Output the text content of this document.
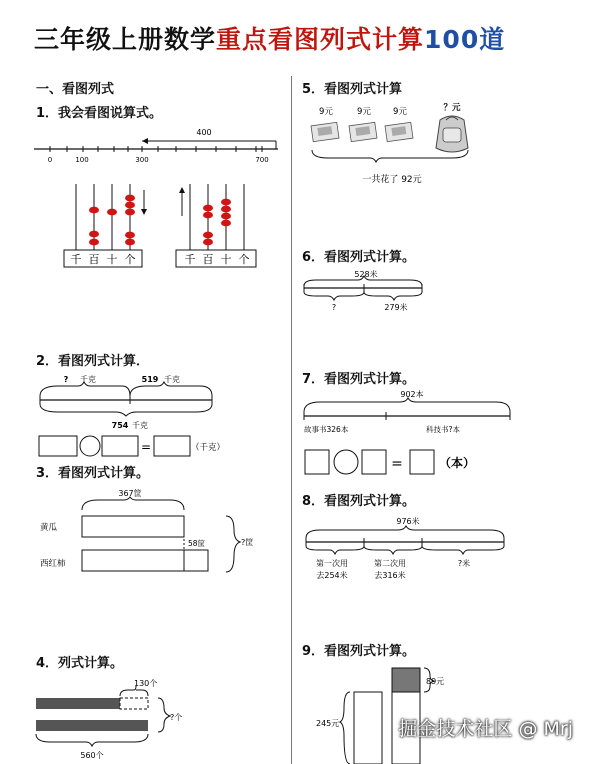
三年级上册数学重点看图列式计算100道
一、看图列式
1．我会看图说算式。
400
0	100	300	700
千 百 十 个	千 百 十 个
2．看图列式计算．
? 千克	519 千克
754 千克
=	（千克）
3．看图列式计算。
367筐
黄瓜
58筐
西红柿
?筐
4．列式计算。
130个
?个
560个
5．看图列式计算
9元	9元	9元	？元
一共花了 92元
6．看图列式计算。
528米
?	279米
7．看图列式计算。
902本
故事书326本	科技书?本
=	（本）
8．看图列式计算。
976米
第一次用
去254米
第二次用
去316米
?米
9．看图列式计算。
89元
245元	掘金技术社区 @ Mrj
